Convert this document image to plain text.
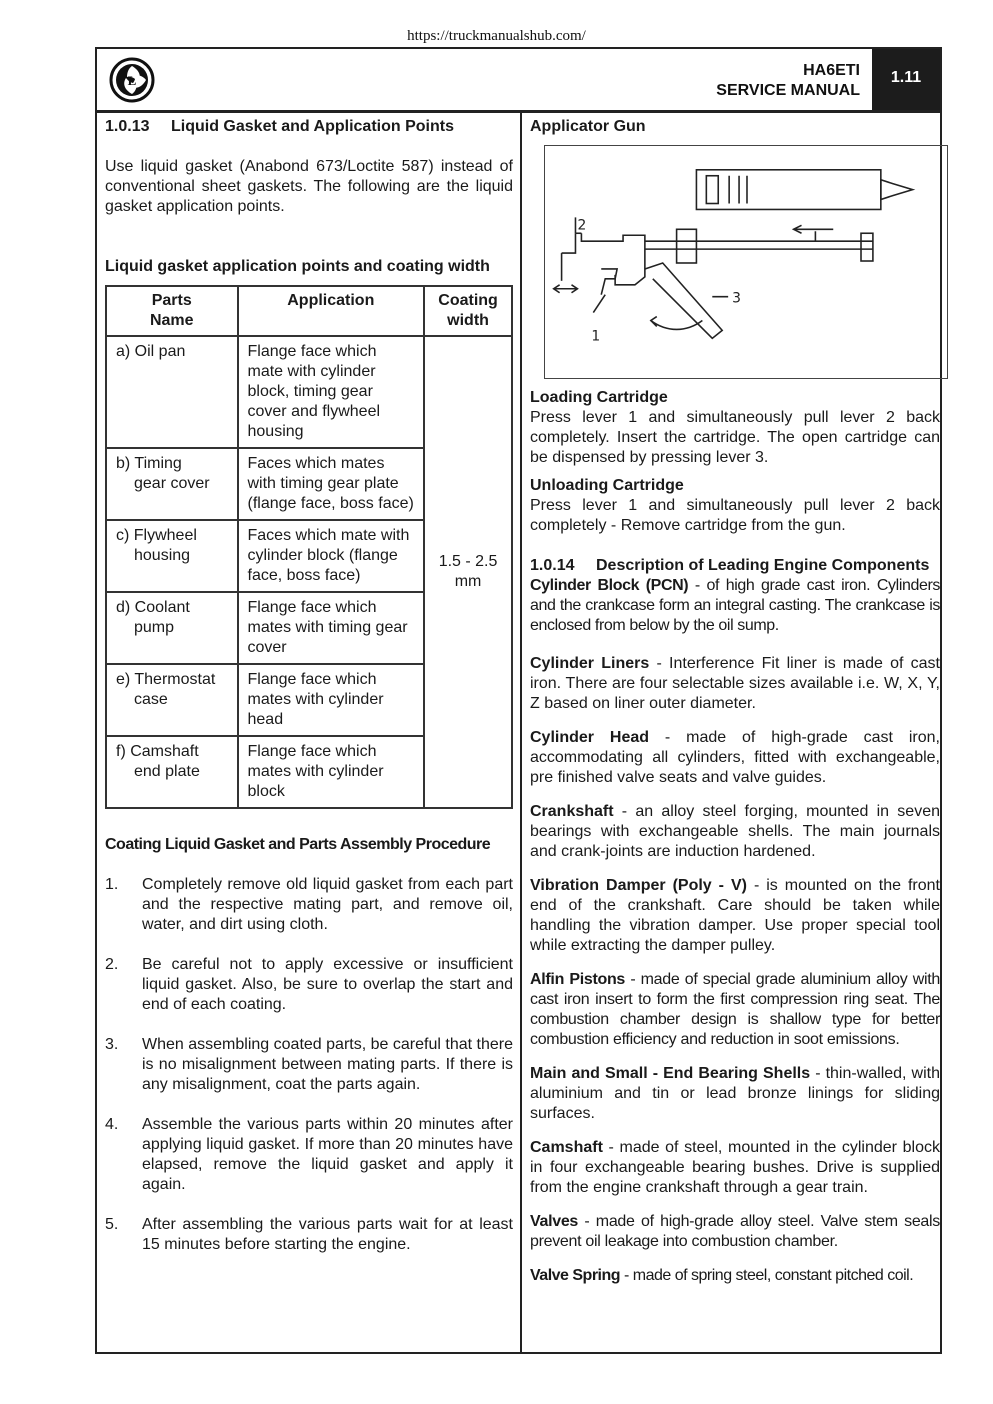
https://truckmanualshub.com/
L
HA6ETI
SERVICE MANUAL
1.11
1.0.13 Liquid Gasket and Application Points

Use liquid gasket (Anabond 673/Loctite 587) instead of conventional sheet gaskets. The following are the liquid gasket application points.

Liquid gasket application points and coating width

Parts Name	Application	Coating width

a) Oil pan	Flange face which mate with cylinder block, timing gear cover and flywheel housing	1.5 - 2.5 mm

b) Timing
gear cover	Faces which mates with timing gear plate (flange face, boss face)	

c) Flywheel
housing	Faces which mate with cylinder block (flange face, boss face)	

d) Coolant
pump	Flange face which mates with timing gear cover	

e) Thermostat
case	Flange face which mates with cylinder head	

f) Camshaft
end plate	Flange face which mates with cylinder block	

Coating Liquid Gasket and Parts Assembly Procedure

1. Completely remove old liquid gasket from each part and the respective mating part, and remove oil, water, and dirt using cloth.
2. Be careful not to apply excessive or insufficient liquid gasket. Also, be sure to overlap the start and end of each coating.
3. When assembling coated parts, be careful that there is no misalignment between mating parts. If there is any misalignment, coat the parts again.
4. Assemble the various parts within 20 minutes after applying liquid gasket. If more than 20 minutes have elapsed, remove the liquid gasket and apply it again.
5. After assembling the various parts wait for at least 15 minutes before starting the engine.

Applicator Gun

1
2
3

Loading Cartridge

Press lever 1 and simultaneously pull lever 2 back completely. Insert the cartridge. The open cartridge can be dispensed by pressing lever 3.

Unloading Cartridge

Press lever 1 and simultaneously pull lever 2 back completely - Remove cartridge from the gun.

1.0.14 Description of Leading Engine Components
Cylinder Block (PCN) - of high grade cast iron. Cylinders and the crankcase form an integral casting. The crankcase is enclosed from below by the oil sump.
Cylinder Liners - Interference Fit liner is made of cast iron. There are four selectable sizes available i.e. W, X, Y, Z based on liner outer diameter.
Cylinder Head - made of high-grade cast iron, accommodating all cylinders, fitted with exchangeable, pre finished valve seats and valve guides.
Crankshaft - an alloy steel forging, mounted in seven bearings with exchangeable shells. The main journals and crank-joints are induction hardened.
Vibration Damper (Poly - V) - is mounted on the front end of the crankshaft. Care should be taken while handling the vibration damper. Use proper special tool while extracting the damper pulley.
Alfin Pistons - made of special grade aluminium alloy with cast iron insert to form the first compression ring seat. The combustion chamber design is shallow type for better combustion efficiency and reduction in soot emissions.
Main and Small - End Bearing Shells - thin-walled, with aluminium and tin or lead bronze linings for sliding surfaces.
Camshaft - made of steel, mounted in the cylinder block in four exchangeable bearing bushes. Drive is supplied from the engine crankshaft through a gear train.
Valves - made of high-grade alloy steel. Valve stem seals prevent oil leakage into combustion chamber.
Valve Spring - made of spring steel, constant pitched coil.
